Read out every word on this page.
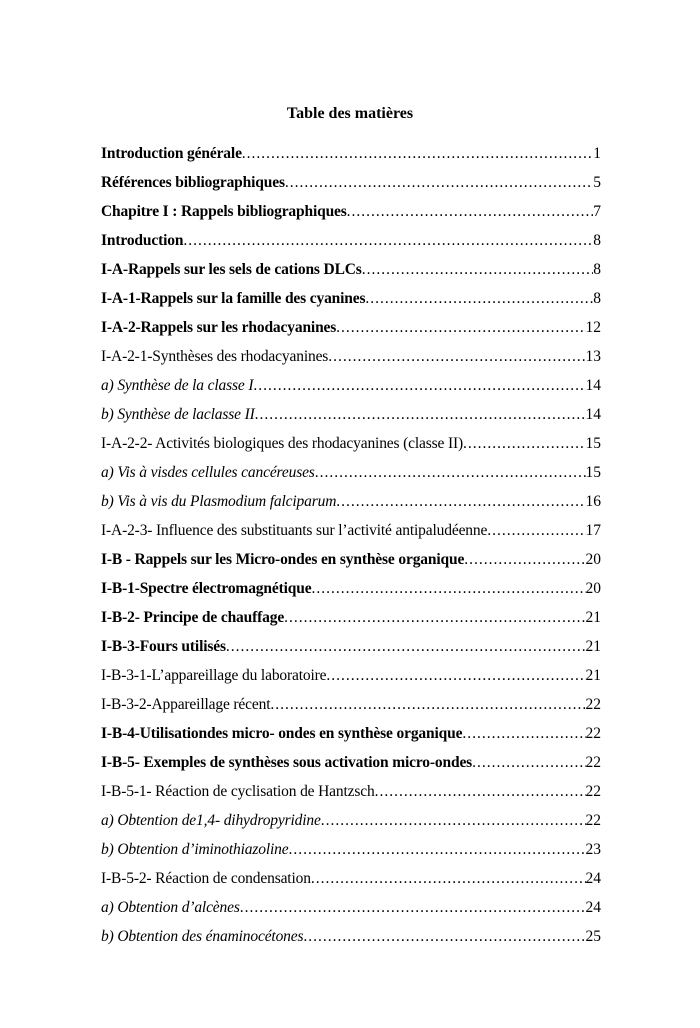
Table des matières
Introduction générale .....	1
Références bibliographiques .....	5
Chapitre I : Rappels bibliographiques .....	7
Introduction .....	8
I-A-Rappels sur les sels de cations DLCs .....	8
I-A-1-Rappels sur la famille des cyanines .....	8
I-A-2-Rappels sur les rhodacyanines .....	12
I-A-2-1-Synthèses des rhodacyanines .....	13
a) Synthèse de la classe I .....	14
b) Synthèse de laclasse II .....	14
I-A-2-2- Activités biologiques des rhodacyanines (classe II) .....	15
a) Vis à visdes cellules cancéreuses .....	15
b) Vis à vis du Plasmodium falciparum .....	16
I-A-2-3- Influence des substituants sur l’activité antipaludéenne .....	17
I-B - Rappels sur les Micro-ondes en synthèse organique .....	20
I-B-1-Spectre électromagnétique .....	20
I-B-2- Principe de chauffage .....	21
I-B-3-Fours utilisés .....	21
I-B-3-1-L’appareillage du laboratoire .....	21
I-B-3-2-Appareillage récent .....	22
I-B-4-Utilisationdes micro- ondes en synthèse organique .....	22
I-B-5- Exemples de synthèses sous activation micro-ondes .....	22
I-B-5-1- Réaction de cyclisation de Hantzsch .....	22
a) Obtention de1,4- dihydropyridine .....	22
b) Obtention d’iminothiazoline .....	23
I-B-5-2- Réaction de condensation .....	24
a) Obtention d’alcènes .....	24
b) Obtention des énaminocétones .....	25
